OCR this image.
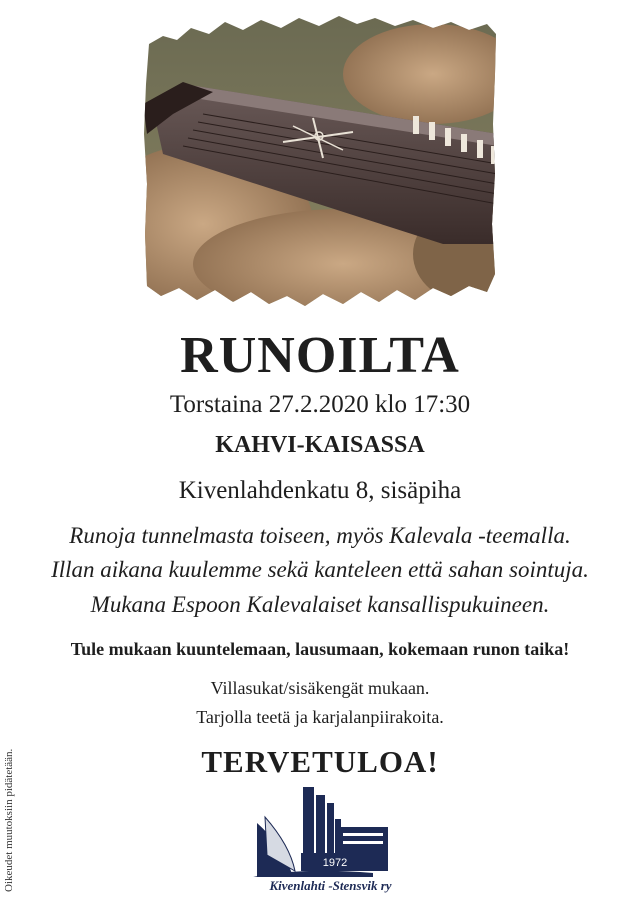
RUNOILTA
Torstaina 27.2.2020 klo 17:30
KAHVI-KAISASSA
Kivenlahdenkatu 8, sisäpiha
Runoja tunnelmasta toiseen, myös Kalevala -teemalla.
Illan aikana kuulemme sekä kanteleen että sahan sointuja.
Mukana Espoon Kalevalaiset kansallispukuineen.
Tule mukaan kuuntelemaan, lausumaan, kokemaan runon taika!
Villasukat/sisäkengät mukaan.
Tarjolla teetä ja karjalanpiirakoita.
TERVETULOA!
Oikeudet muutoksiin pidätetään.	1972
Kivenlahti -Stensvik ry
